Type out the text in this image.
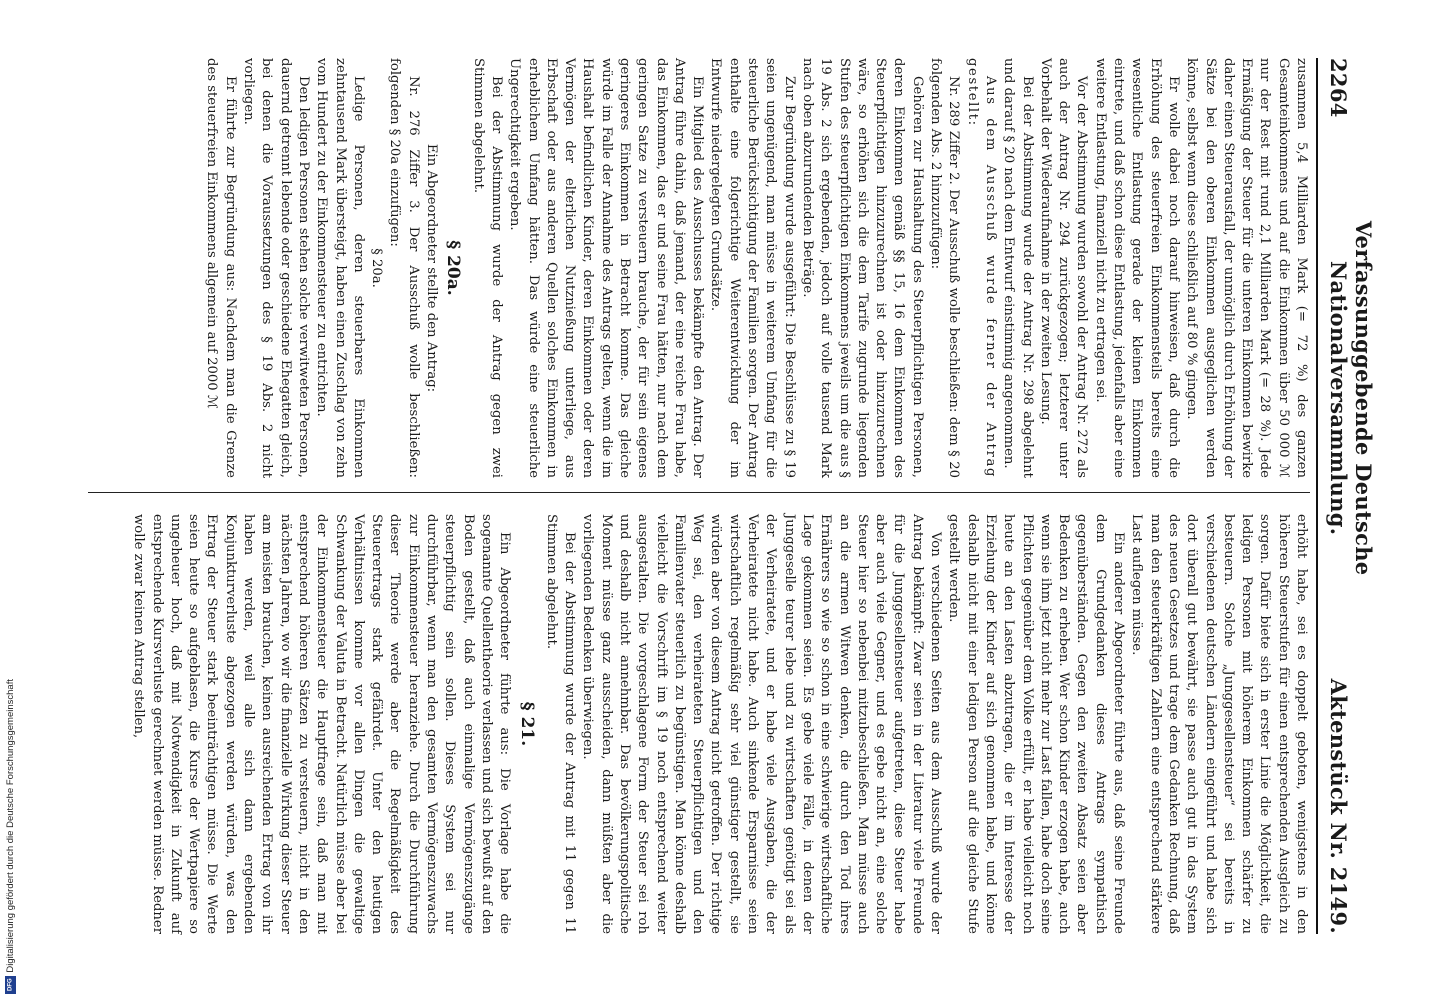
2264
Verfassunggebende Deutsche Nationalversammlung.
Aktenstück Nr. 2149.

zusammen 5,4 Milliarden Mark (= 72 %) des ganzen Gesamteinkommens und auf die Einkommen über 50 000 ℳ nur der Rest mit rund 2,1 Milliarden Mark (= 28 %). Jede Ermäßigung der Steuer für die unteren Einkommen bewirke daher einen Steuerausfall, der unmöglich durch Erhöhung der Sätze bei den oberen Einkommen ausgeglichen werden könne, selbst wenn diese schließlich auf 80 % gingen.

Er wolle dabei noch darauf hinweisen, daß durch die Erhöhung des steuerfreien Einkommensteils bereits eine wesentliche Entlastung gerade der kleinen Einkommen eintrete, und daß schon diese Entlastung, jedenfalls aber eine weitere Entlastung, finanziell nicht zu ertragen sei.

Vor der Abstimmung wurden sowohl der Antrag Nr. 272 als auch der Antrag Nr. 294 zurückgezogen; letzterer unter Vorbehalt der Wiederaufnahme in der zweiten Lesung.

Bei der Abstimmung wurde der Antrag Nr. 298 abgelehnt und darauf § 20 nach dem Entwurf einstimmig angenommen.

Aus dem Ausschuß wurde ferner der Antrag gestellt:

Nr. 289 Ziffer 2. Der Ausschuß wolle beschließen: dem § 20 folgenden Abs. 2 hinzuzufügen:

Gehören zur Haushaltung des Steuerpflichtigen Personen, deren Einkommen gemäß §§ 15, 16 dem Einkommen des Steuerpflichtigen hinzuzurechnen ist oder hinzuzurechnen wäre, so erhöhen sich die dem Tarife zugrunde liegenden Stufen des steuerpflichtigen Einkommens jeweils um die aus § 19 Abs. 2 sich ergebenden, jedoch auf volle tausend Mark nach oben abzurundenden Beträge.

Zur Begründung wurde ausgeführt: Die Beschlüsse zu § 19 seien ungenügend, man müsse in weiterem Umfang für die steuerliche Berücksichtigung der Familien sorgen. Der Antrag enthalte eine folgerichtige Weiterentwicklung der im Entwurfe niedergelegten Grundsätze.

Ein Mitglied des Ausschusses bekämpfte den Antrag. Der Antrag führe dahin, daß jemand, der eine reiche Frau habe, das Einkommen, das er und seine Frau hätten, nur nach dem geringen Satze zu versteuern brauche, der für sein eigenes geringeres Einkommen in Betracht komme. Das gleiche würde im Falle der Annahme des Antrags gelten, wenn die im Haushalt befindlichen Kinder, deren Einkommen oder deren Vermögen der elterlichen Nutznießung unterliege, aus Erbschaft oder aus anderen Quellen solches Einkommen in erheblichem Umfang hätten. Das würde eine steuerliche Ungerechtigkeit ergeben.

Bei der Abstimmung wurde der Antrag gegen zwei Stimmen abgelehnt.

§ 20a.

Ein Abgeordneter stellte den Antrag:

Nr. 276 Ziffer 3. Der Ausschuß wolle beschließen: folgenden § 20a einzufügen:

§ 20a.

Ledige Personen, deren steuerbares Einkommen zehntausend Mark übersteigt, haben einen Zuschlag von zehn vom Hundert zu der Einkommensteuer zu entrichten.

Den ledigen Personen stehen solche verwitweten Personen, dauernd getrennt lebende oder geschiedene Ehegatten gleich, bei denen die Voraussetzungen des § 19 Abs. 2 nicht vorliegen.

Er führte zur Begründung aus: Nachdem man die Grenze des steuerfreien Einkommens allgemein auf 2000 ℳ

erhöht habe, sei es doppelt geboten, wenigstens in den höheren Steuerstufen für einen entsprechenden Ausgleich zu sorgen. Dafür biete sich in erster Linie die Möglichkeit, die ledigen Personen mit höherem Einkommen schärfer zu besteuern. Solche „Junggesellensteuer“ sei bereits in verschiedenen deutschen Ländern eingeführt und habe sich dort überall gut bewährt, sie passe auch gut in das System des neuen Gesetzes und trage dem Gedanken Rechnung, daß man den steuerkräftigen Zahlern eine entsprechend stärkere Last auflegen müsse.

Ein anderer Abgeordneter führte aus, daß seine Freunde dem Grundgedanken dieses Antrags sympathisch gegenüberständen. Gegen den zweiten Absatz seien aber Bedenken zu erheben. Wer schon Kinder erzogen habe, auch wenn sie ihm jetzt nicht mehr zur Last fallen, habe doch seine Pflichten gegenüber dem Volke erfüllt, er habe vielleicht noch heute an den Lasten abzutragen, die er im Interesse der Erziehung der Kinder auf sich genommen habe, und könne deshalb nicht mit einer ledigen Person auf die gleiche Stufe gestellt werden.

Von verschiedenen Seiten aus dem Ausschuß wurde der Antrag bekämpft: Zwar seien in der Literatur viele Freunde für die Junggesellensteuer aufgetreten, diese Steuer habe aber auch viele Gegner, und es gebe nicht an, eine solche Steuer hier so nebenbei mitzubeschließen. Man müsse auch an die armen Witwen denken, die durch den Tod ihres Ernährers so wie so schon in eine schwierige wirtschaftliche Lage gekommen seien. Es gebe viele Fälle, in denen der Junggeselle teurer lebe und zu wirtschaften genötigt sei als der Verheiratete, und er habe viele Ausgaben, die der Verheiratete nicht habe. Auch sinkende Ersparnisse seien wirtschaftlich regelmäßig sehr viel günstiger gestellt, sie würden aber von diesem Antrag nicht getroffen. Der richtige Weg sei, den verheirateten Steuerpflichtigen und den Familienvater steuerlich zu begünstigen. Man könne deshalb vielleicht die Vorschrift im § 19 noch entsprechend weiter ausgestalten. Die vorgeschlagene Form der Steuer sei roh und deshalb nicht annehmbar. Das bevölkerungspolitische Moment müsse ganz ausscheiden, dann müßten aber die vorliegenden Bedenken überwiegen.

Bei der Abstimmung wurde der Antrag mit 11 gegen 11 Stimmen abgelehnt.

§ 21.

Ein Abgeordneter führte aus: Die Vorlage habe die sogenannte Quellentheorie verlassen und sich bewußt auf den Boden gestellt, daß auch einmalige Vermögenszugänge steuerpflichtig sein sollen. Dieses System sei nur durchführbar, wenn man den gesamten Vermögenszuwachs zur Einkommensteuer heranziehe. Durch die Durchführung dieser Theorie werde aber die Regelmäßigkeit des Steuerertrags stark gefährdet. Unter den heutigen Verhältnissen komme vor allen Dingen die gewaltige Schwankung der Valuta in Betracht. Natürlich müsse aber bei der Einkommensteuer die Hauptfrage sein, daß man mit entsprechend höheren Sätzen zu versteuern, nicht in den nächsten Jahren, wo wir die finanzielle Wirkung dieser Steuer am meisten brauchen, keinen ausreichenden Ertrag von ihr haben werden, weil alle sich dann ergebenden Konjunkturverluste abgezogen werden würden, was den Ertrag der Steuer stark beeinträchtigen müsse. Die Werte seien heute so aufgeblasen, die Kurse der Wertpapiere so ungeheuer hoch, daß mit Notwendigkeit in Zukunft auf entsprechende Kursverluste gerechnet werden müsse. Redner wolle zwar keinen Antrag stellen,

Digitalisierung gefördert durch die Deutsche Forschungsgemeinschaft
DFG
